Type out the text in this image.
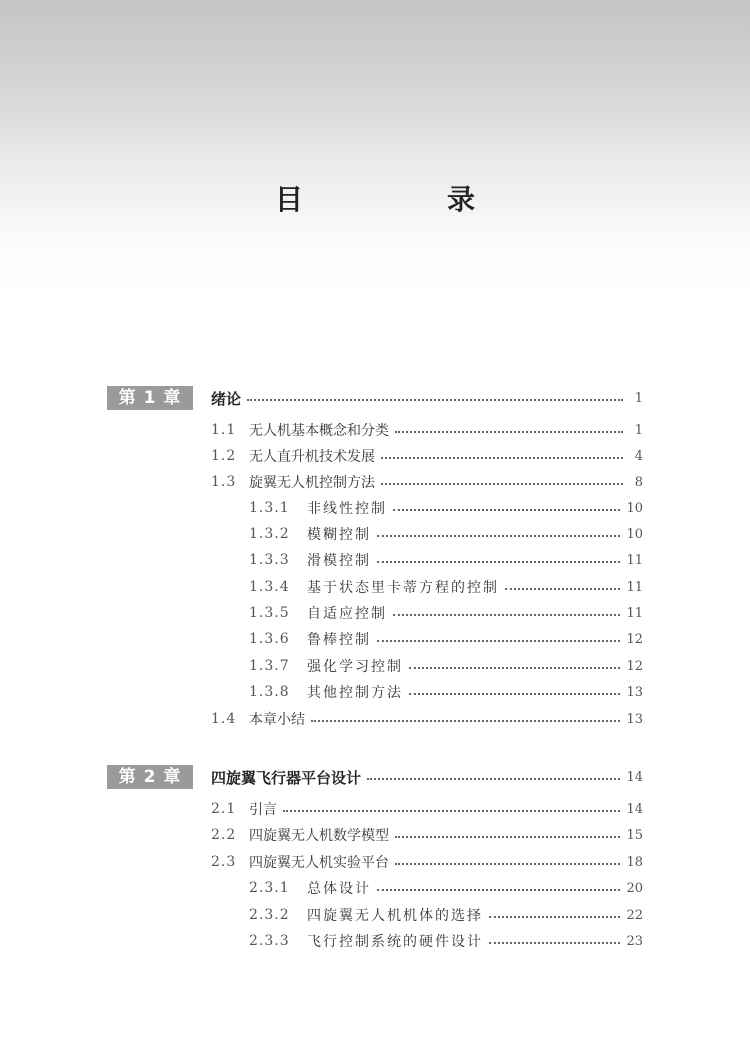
目　录
第 1 章	绪论	1
1.1 无人机基本概念和分类	1
1.2 无人直升机技术发展	4
1.3 旋翼无人机控制方法	8
1.3.1	非线性控制	10
1.3.2	模糊控制	10
1.3.3	滑模控制	11
1.3.4	基于状态里卡蒂方程的控制	11
1.3.5	自适应控制	11
1.3.6	鲁棒控制	12
1.3.7	强化学习控制	12
1.3.8	其他控制方法	13
1.4 本章小结	13
第 2 章	四旋翼飞行器平台设计	14
2.1 引言	14
2.2 四旋翼无人机数学模型	15
2.3 四旋翼无人机实验平台	18
2.3.1	总体设计	20
2.3.2	四旋翼无人机机体的选择	22
2.3.3	飞行控制系统的硬件设计	23
